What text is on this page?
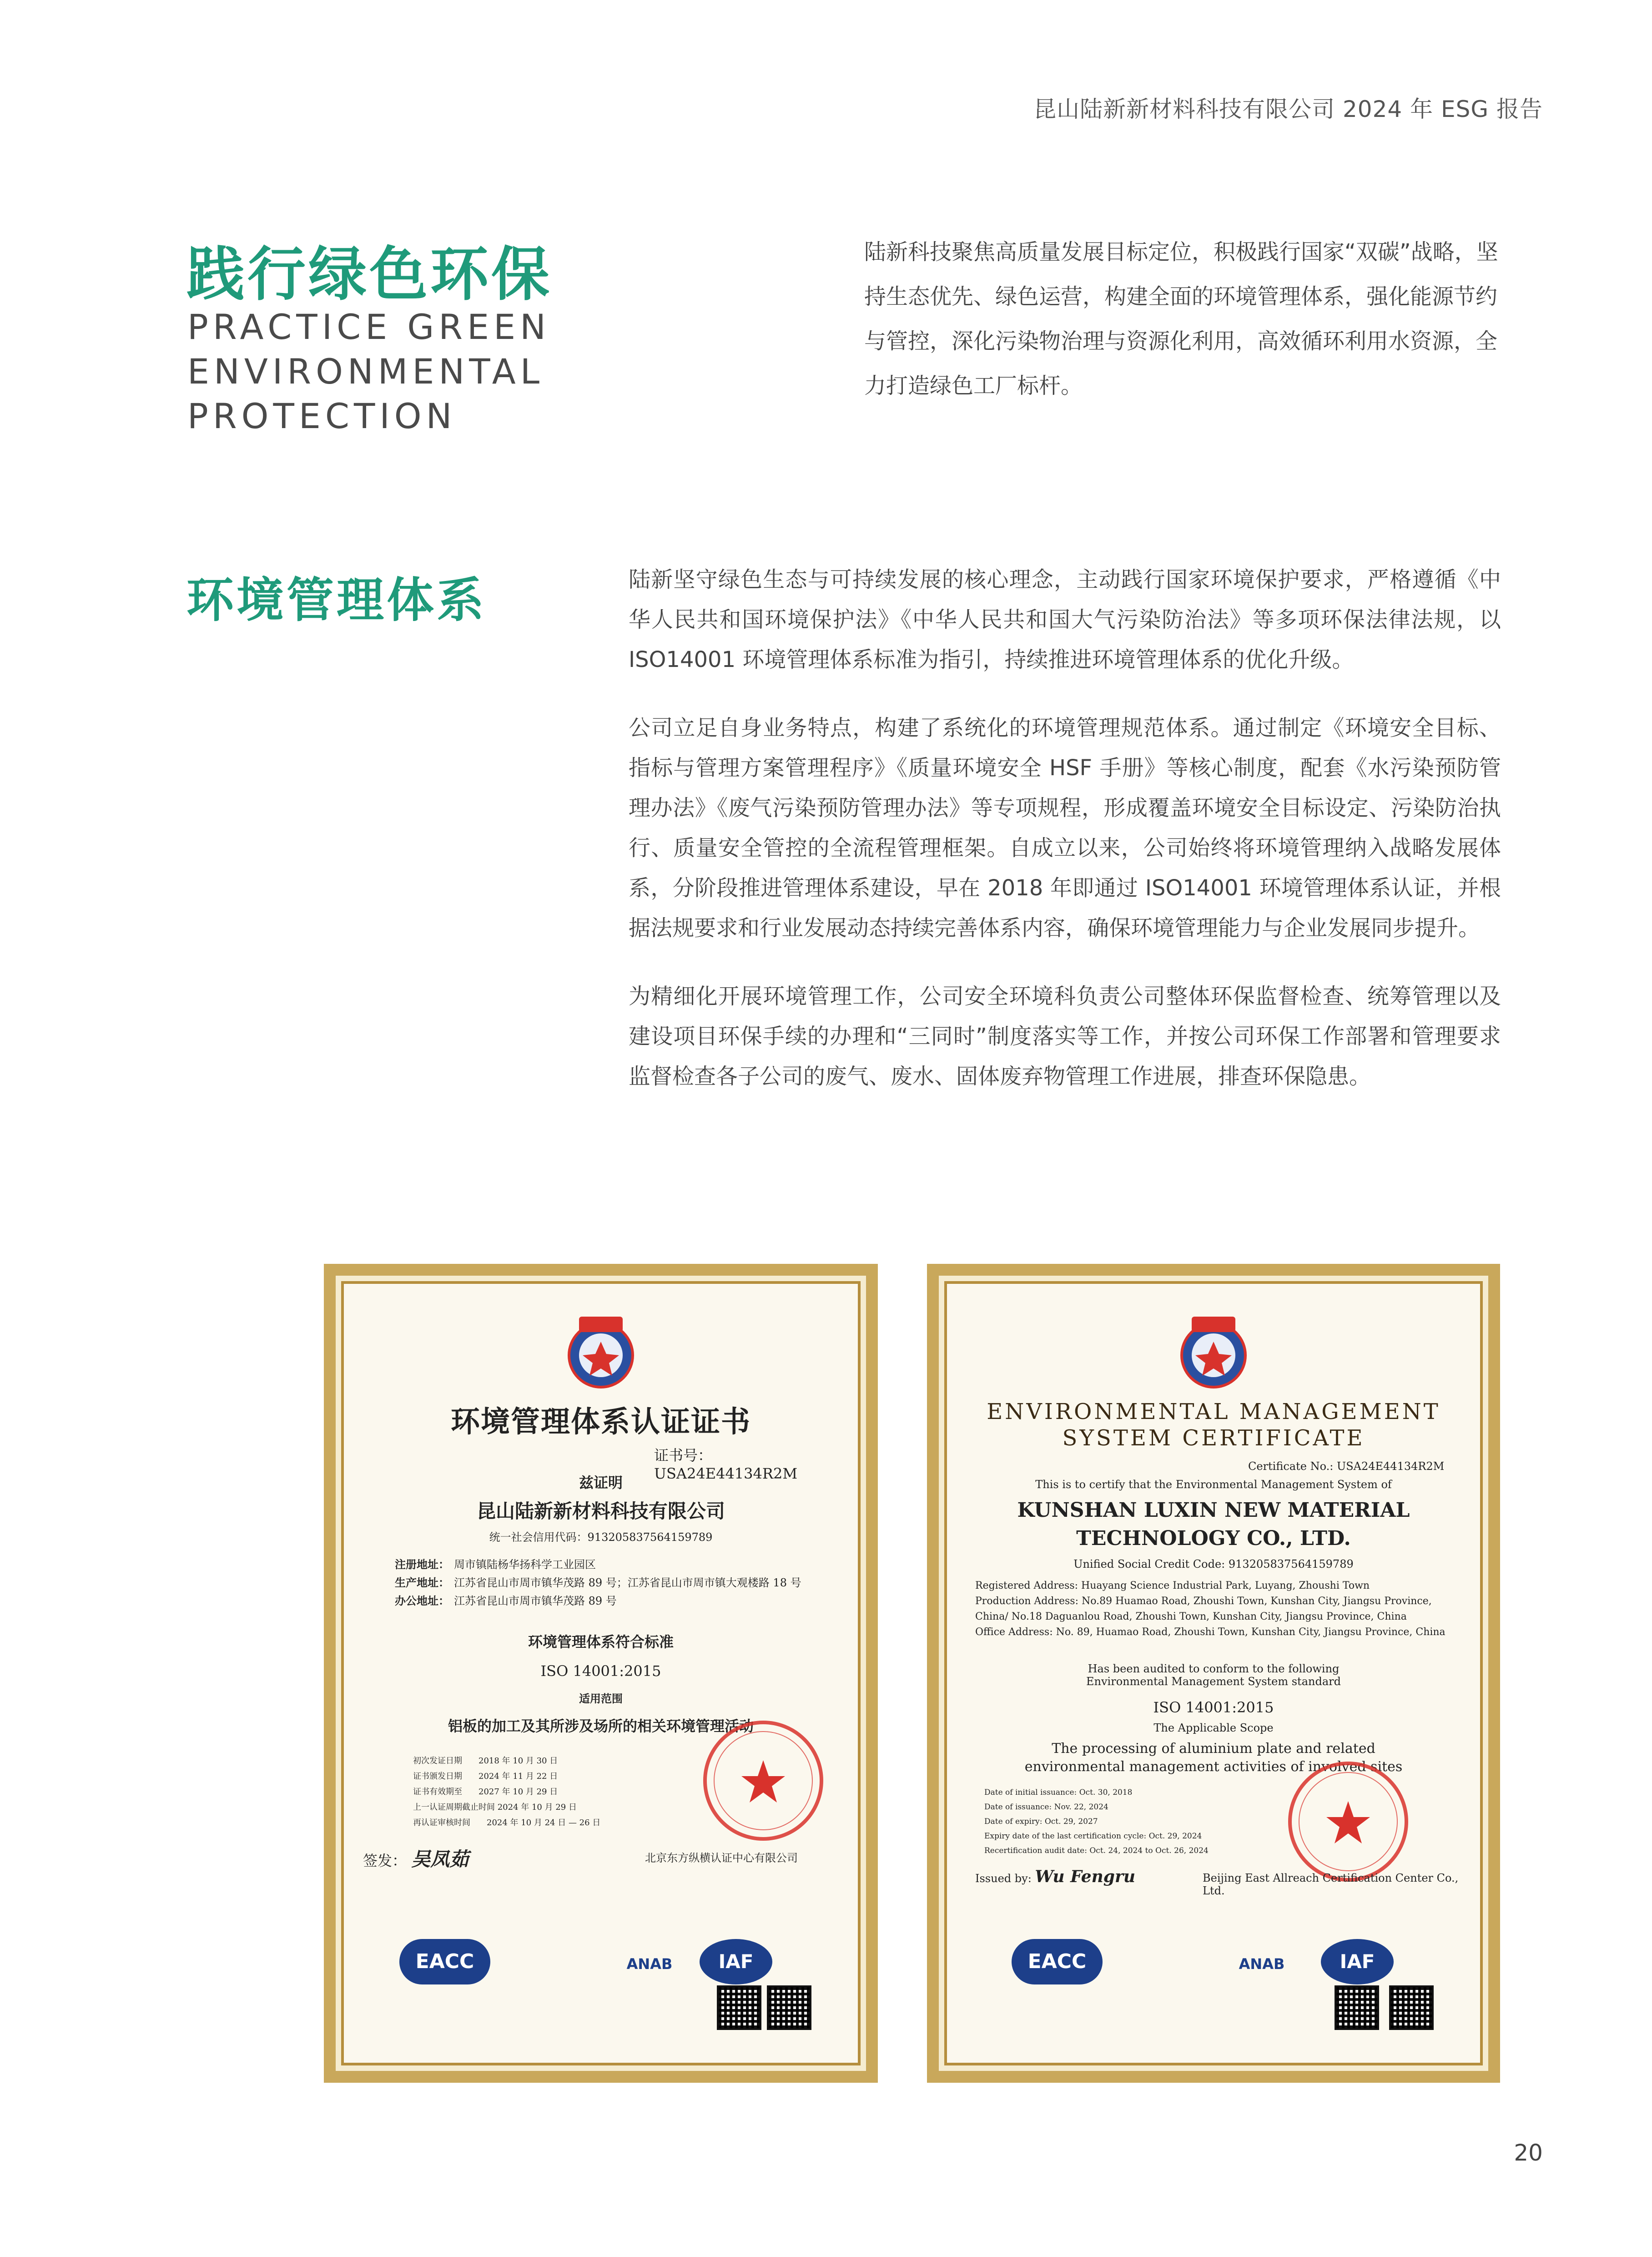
昆山陆新新材料科技有限公司 2024 年 ESG 报告
践行绿色环保
PRACTICE GREEN
ENVIRONMENTAL
PROTECTION
陆新科技聚焦高质量发展目标定位，积极践行国家“双碳”战略，坚持生态优先、绿色运营，构建全面的环境管理体系，强化能源节约与管控，深化污染物治理与资源化利用，高效循环利用水资源，全力打造绿色工厂标杆。
环境管理体系	陆新坚守绿色生态与可持续发展的核心理念，主动践行国家环境保护要求，严格遵循《中华人民共和国环境保护法》《中华人民共和国大气污染防治法》等多项环保法律法规，以 ISO14001 环境管理体系标准为指引，持续推进环境管理体系的优化升级。

公司立足自身业务特点，构建了系统化的环境管理规范体系。通过制定《环境安全目标、指标与管理方案管理程序》《质量环境安全 HSF 手册》等核心制度，配套《水污染预防管理办法》《废气污染预防管理办法》等专项规程，形成覆盖环境安全目标设定、污染防治执行、质量安全管控的全流程管理框架。自成立以来，公司始终将环境管理纳入战略发展体系，分阶段推进管理体系建设，早在 2018 年即通过 ISO14001 环境管理体系认证，并根据法规要求和行业发展动态持续完善体系内容，确保环境管理能力与企业发展同步提升。

为精细化开展环境管理工作，公司安全环境科负责公司整体环保监督检查、统筹管理以及建设项目环保手续的办理和“三同时”制度落实等工作，并按公司环保工作部署和管理要求监督检查各子公司的废气、废水、固体废弃物管理工作进展，排查环保隐患。

环境管理体系认证证书
证书号：USA24E44134R2M
兹证明
昆山陆新新材料科技有限公司
统一社会信用代码：91320583756415978​9
注册地址： 周市镇陆杨华扬科学工业园区
生产地址： 江苏省昆山市周市镇华茂路 89 号；江苏省昆山市周市镇大观楼路 18 号
办公地址： 江苏省昆山市周市镇华茂路 89 号
环境管理体系符合标准
ISO 14001:2015
适用范围
铝板的加工及其所涉及场所的相关环境管理活动
初次发证日期　　2018 年 10 月 30 日
证书颁发日期　　2024 年 11 月 22 日
证书有效期至　　2027 年 10 月 29 日
上一认证周期截止时间 2024 年 10 月 29 日
再认证审核时间　　2024 年 10 月 24 日 — 26 日
签发： 吴凤茹	北京东方纵横认证中心有限公司
EACC	ANAB	IAF
ENVIRONMENTAL MANAGEMENT
SYSTEM CERTIFICATE
Certificate No.: USA24E44134R2M
This is to certify that the Environmental Management System of
KUNSHAN LUXIN NEW MATERIAL
TECHNOLOGY CO., LTD.
Unified Social Credit Code: 91320583756415978​9
Registered Address: Huayang Science Industrial Park, Luyang, Zhoushi Town
Production Address: No.89 Huamao Road, Zhoushi Town, Kunshan City, Jiangsu Province, China/ No.18 Daguanlou Road, Zhoushi Town, Kunshan City, Jiangsu Province, China
Office Address: No. 89, Huamao Road, Zhoushi Town, Kunshan City, Jiangsu Province, China
Has been audited to conform to the following Environmental Management System standard
ISO 14001:2015
The Applicable Scope
The processing of aluminium plate and related environmental management activities of involved sites
Date of initial issuance: Oct. 30, 2018
Date of issuance: Nov. 22, 2024
Date of expiry: Oct. 29, 2027
Expiry date of the last certification cycle: Oct. 29, 2024
Recertification audit date: Oct. 24, 2024 to Oct. 26, 2024
Issued by: Wu Fengru	Beijing East Allreach Certification Center Co., Ltd.
EACC	ANAB	IAF
20
